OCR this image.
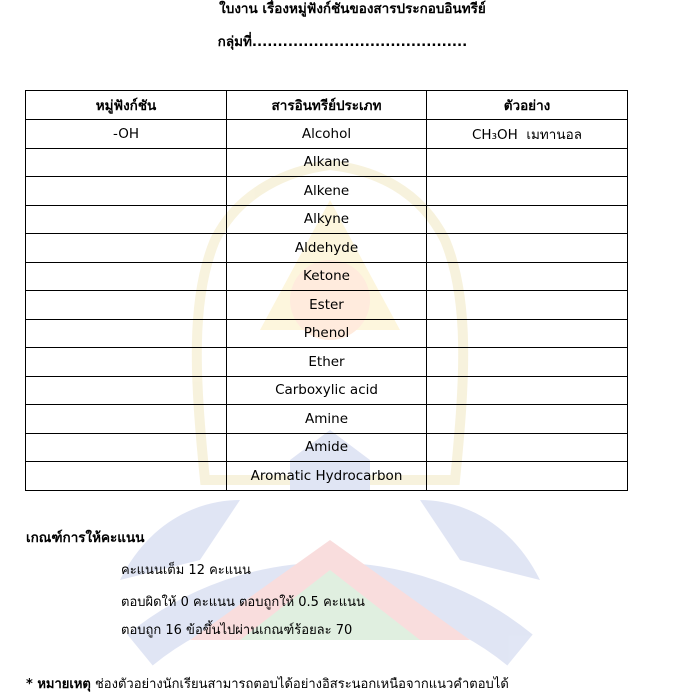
ใบงาน เรื่องหมู่ฟังก์ชันของสารประกอบอินทรีย์
กลุ่มที่..........................................
หมู่ฟังก์ชัน	สารอินทรีย์ประเภท	ตัวอย่าง
-OH	Alcohol	CH₃OH เมทานอล
	Alkane	
	Alkene	
	Alkyne	
	Aldehyde	
	Ketone	
	Ester	
	Phenol	
	Ether	
	Carboxylic acid	
	Amine	
	Amide	
	Aromatic Hydrocarbon	
เกณฑ์การให้คะแนน
คะแนนเต็ม 12 คะแนน
ตอบผิดให้ 0 คะแนน ตอบถูกให้ 0.5 คะแนน
ตอบถูก 16 ข้อขึ้นไปผ่านเกณฑ์ร้อยละ 70
* หมายเหตุ ช่องตัวอย่างนักเรียนสามารถตอบได้อย่างอิสระนอกเหนือจากแนวคำตอบได้
